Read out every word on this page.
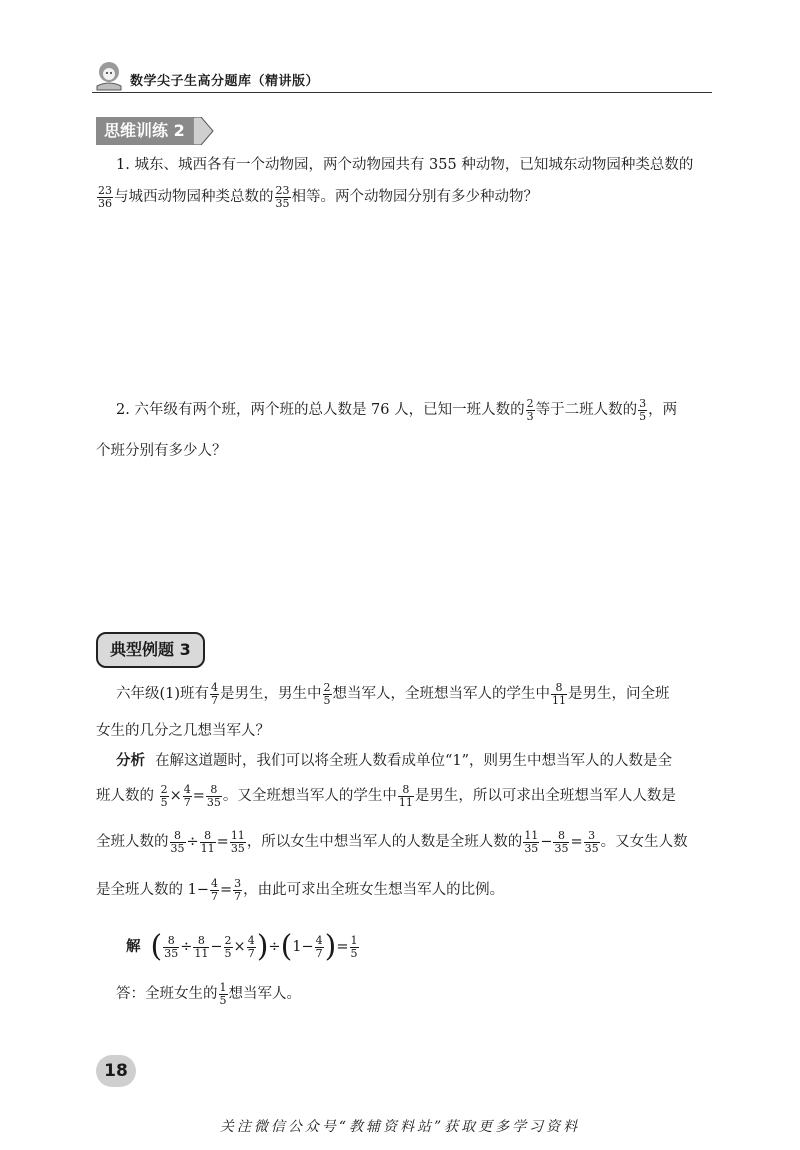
数学尖子生高分题库（精讲版）
思维训练 2
1. 城东、城西各有一个动物园，两个动物园共有 355 种动物，已知城东动物园种类总数的
$\frac{23}{36}$ 与城西动物园种类总数的 $\frac{23}{35}$ 相等。两个动物园分别有多少种动物？
2. 六年级有两个班，两个班的总人数是 76 人，已知一班人数的 $\frac{2}{3}$ 等于二班人数的 $\frac{3}{5}$ ，两
个班分别有多少人？
典型例题 3
六年级(1)班有 $\frac{4}{7}$ 是男生，男生中 $\frac{2}{5}$ 想当军人，全班想当军人的学生中 $\frac{8}{11}$ 是男生，问全班
女生的几分之几想当军人？
分析 在解这道题时，我们可以将全班人数看成单位“1”，则男生中想当军人的人数是全
班人数的 $\frac{2}{5} \times \frac{4}{7} = \frac{8}{35}$ 。又全班想当军人的学生中 $\frac{8}{11}$ 是男生，所以可求出全班想当军人人数是
全班人数的 $\frac{8}{35} \div \frac{8}{11} = \frac{11}{35}$ ，所以女生中想当军人的人数是全班人数的 $\frac{11}{35} - \frac{8}{35} = \frac{3}{35}$ 。又女生人数
是全班人数的 $1- \frac{4}{7} = \frac{3}{7}$ ，由此可求出全班女生想当军人的比例。
解 ( $\frac{8}{35} \div \frac{8}{11} - \frac{2}{5} \times \frac{4}{7} )\div(1- \frac{4}{7}$ )= $\frac{1}{5}$
答：全班女生的 $\frac{1}{5}$ 想当军人。
18
关注微信公众号“教辅资料站”获取更多学习资料
